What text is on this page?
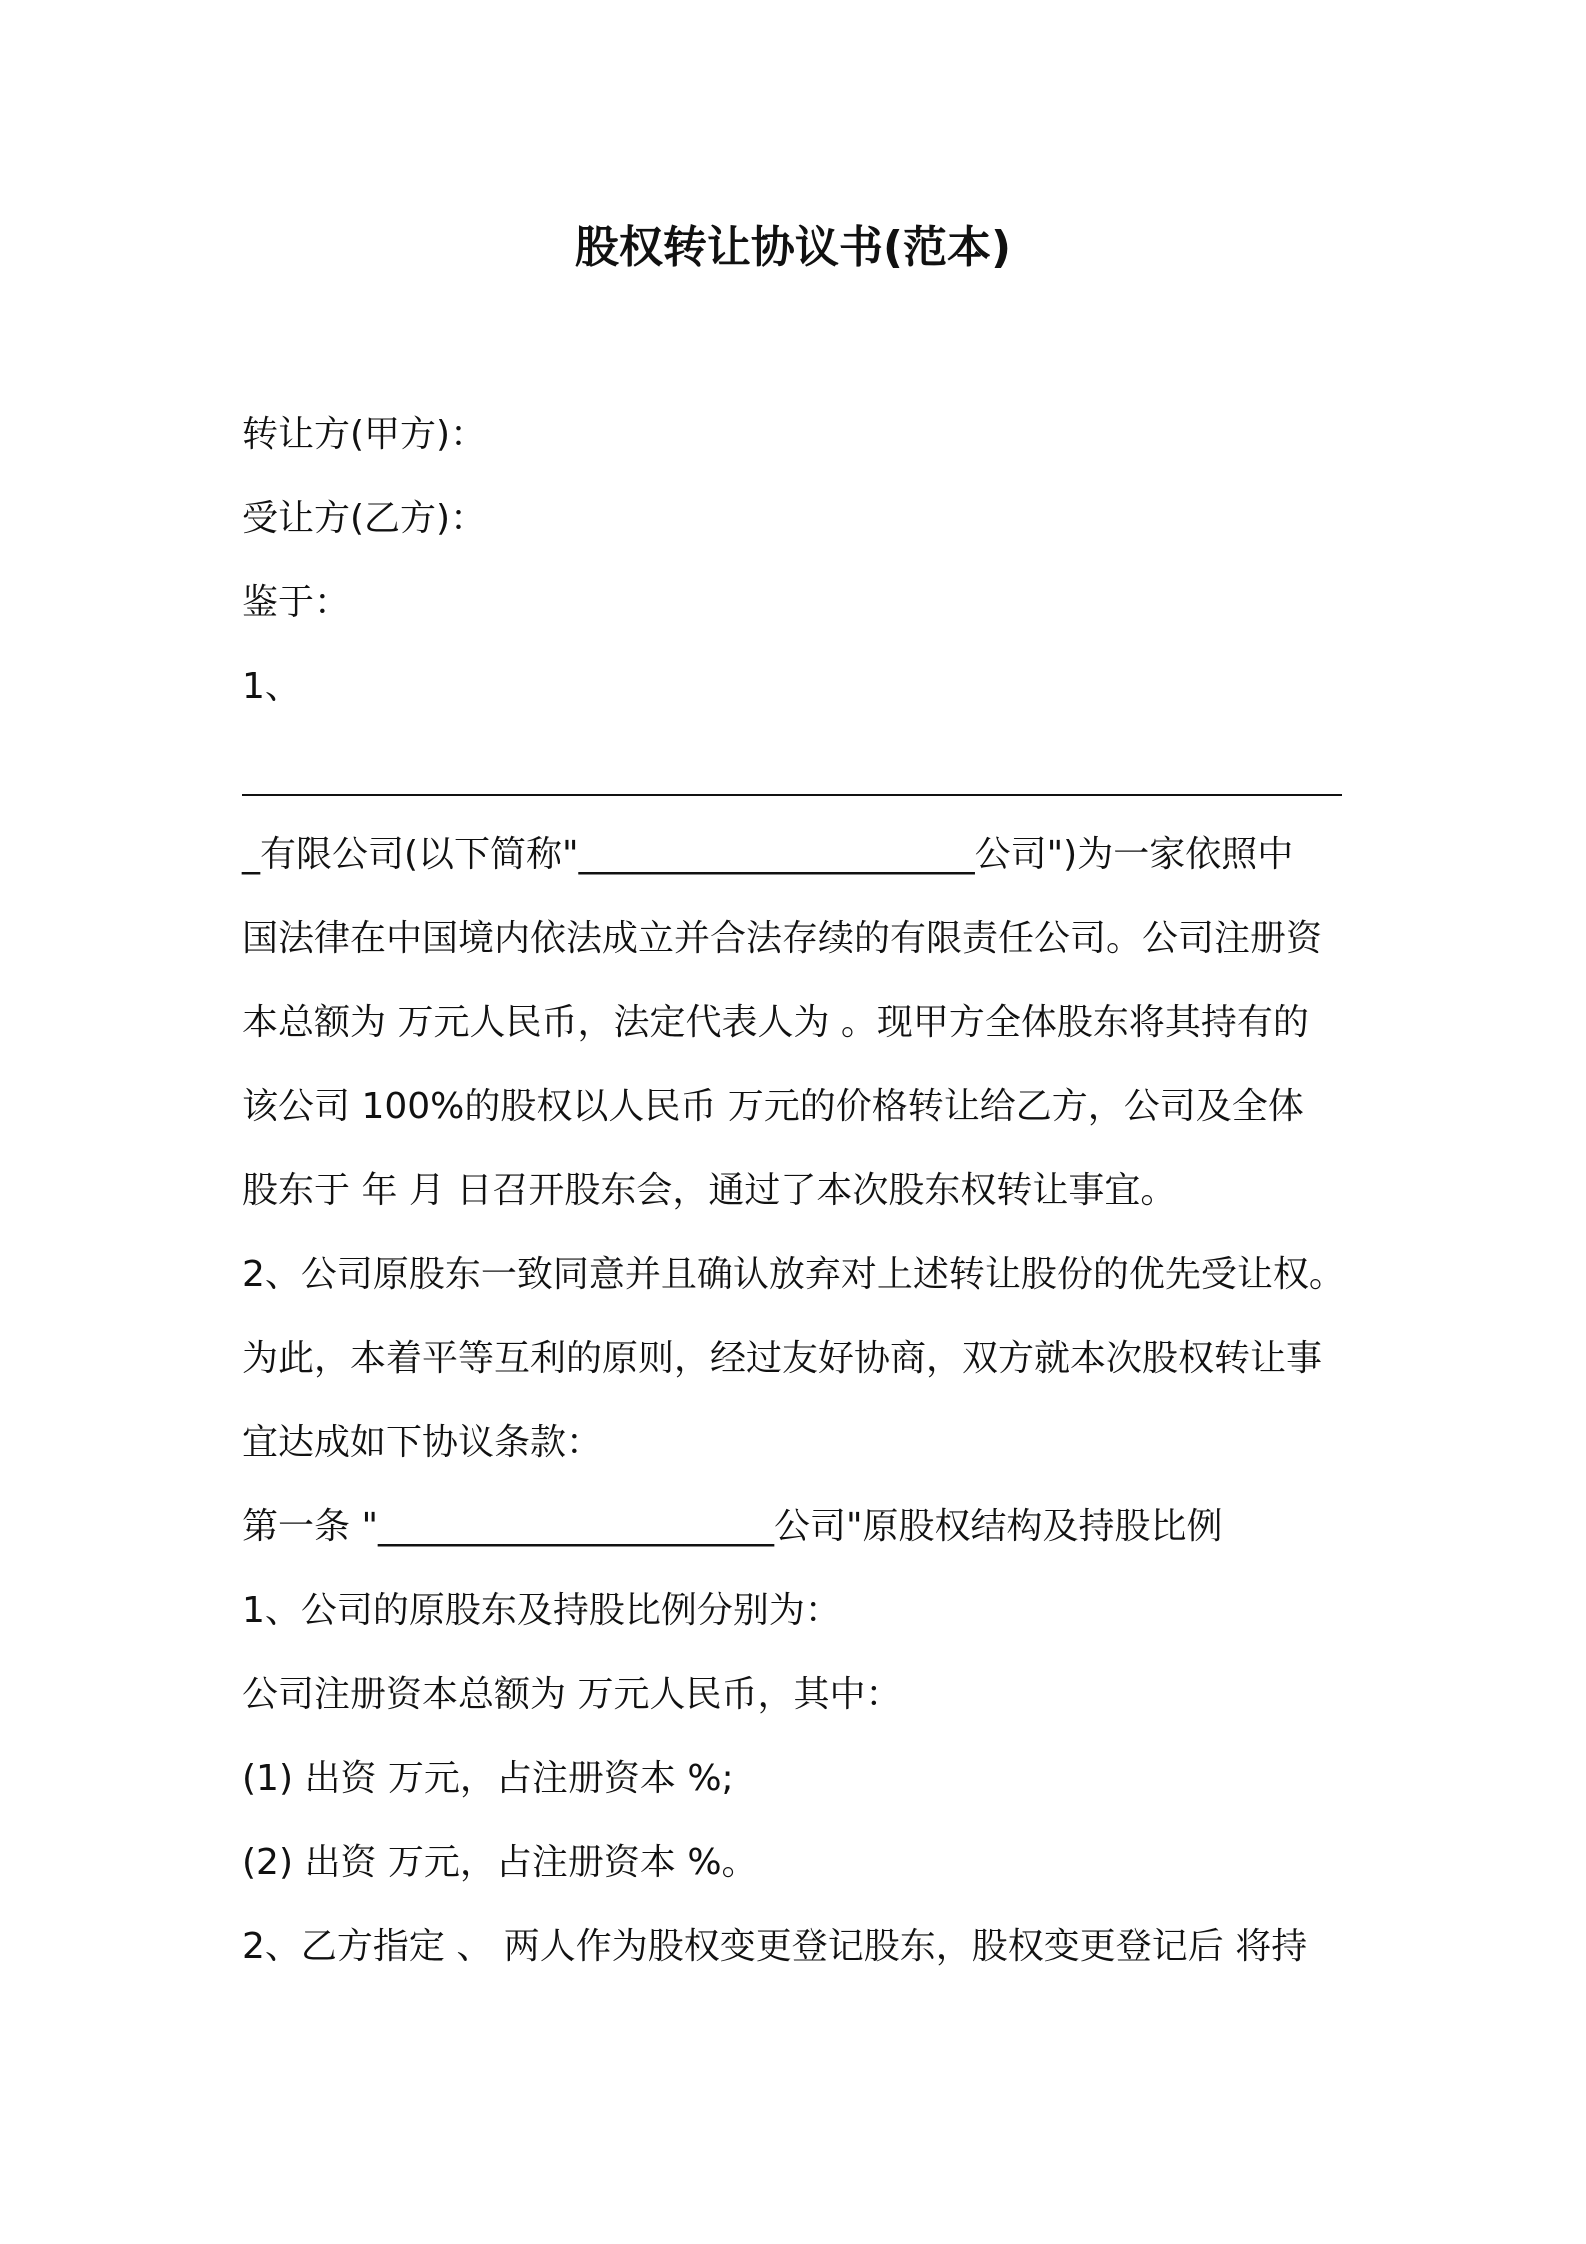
股权转让协议书(范本)
转让方(甲方)：
受让方(乙方)：
鉴于：
1、
_有限公司(以下简称"______________________公司")为一家依照中
国法律在中国境内依法成立并合法存续的有限责任公司。公司注册资
本总额为 万元人民币，法定代表人为 。现甲方全体股东将其持有的
该公司 100%的股权以人民币 万元的价格转让给乙方，公司及全体
股东于 年 月 日召开股东会，通过了本次股东权转让事宜。
2、公司原股东一致同意并且确认放弃对上述转让股份的优先受让权。
为此，本着平等互利的原则，经过友好协商，双方就本次股权转让事
宜达成如下协议条款：
第一条 "______________________公司"原股权结构及持股比例
1、公司的原股东及持股比例分别为：
公司注册资本总额为 万元人民币，其中：
(1) 出资 万元，占注册资本 %;
(2) 出资 万元，占注册资本 %。
2、乙方指定 、 两人作为股权变更登记股东，股权变更登记后 将持
